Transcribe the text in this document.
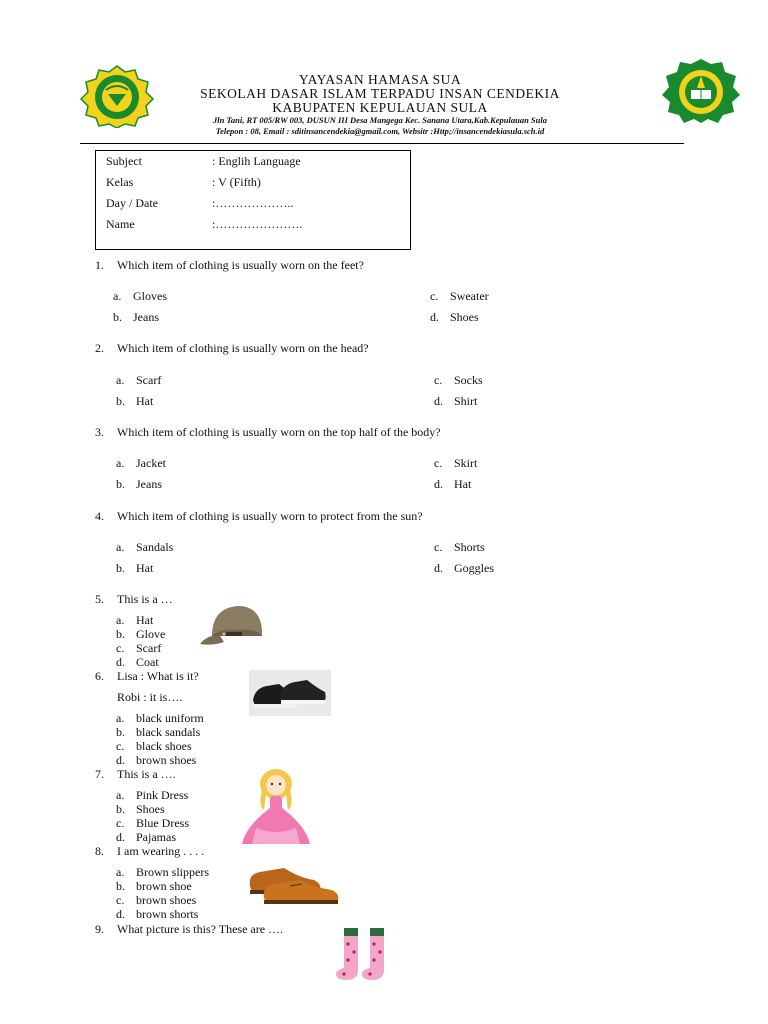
YAYASAN HAMASA SUA
SEKOLAH DASAR ISLAM TERPADU INSAN CENDEKIA
KABUPATEN KEPULAUAN SULA
Jln Tani, RT 005/RW 003, DUSUN III Desa Mangega Kec. Sanana Utara,Kab.Kepulauan Sula
Telepon : 08, Email : sditinsancendekia@gmail.com, Websitr :Http;//insancendekiasula.sch.id
Subject	: Englih Language
Kelas	: V (Fifth)
Day / Date	:………………..
Name	:………………….
1. Which item of clothing is usually worn on the feet?
a. Gloves
b. Jeans
c. Sweater
d. Shoes
2. Which item of clothing is usually worn on the head?
a. Scarf
b. Hat
c. Socks
d. Shirt
3. Which item of clothing is usually worn on the top half of the body?
a. Jacket
b. Jeans
c. Skirt
d. Hat
4. Which item of clothing is usually worn to protect from the sun?
a. Sandals
b. Hat
c. Shorts
d. Goggles
5. This is a …
a. Hat
b. Glove
c. Scarf
d. Coat
6. Lisa : What is it?
Robi : it is….
a. black uniform
b. black sandals
c. black shoes
d. brown shoes
7. This is a ….
a. Pink Dress
b. Shoes
c. Blue Dress
d. Pajamas
8. I am wearing . . . .
a. Brown slippers
b. brown shoe
c. brown shoes
d. brown shorts
9. What picture is this? These are ….
